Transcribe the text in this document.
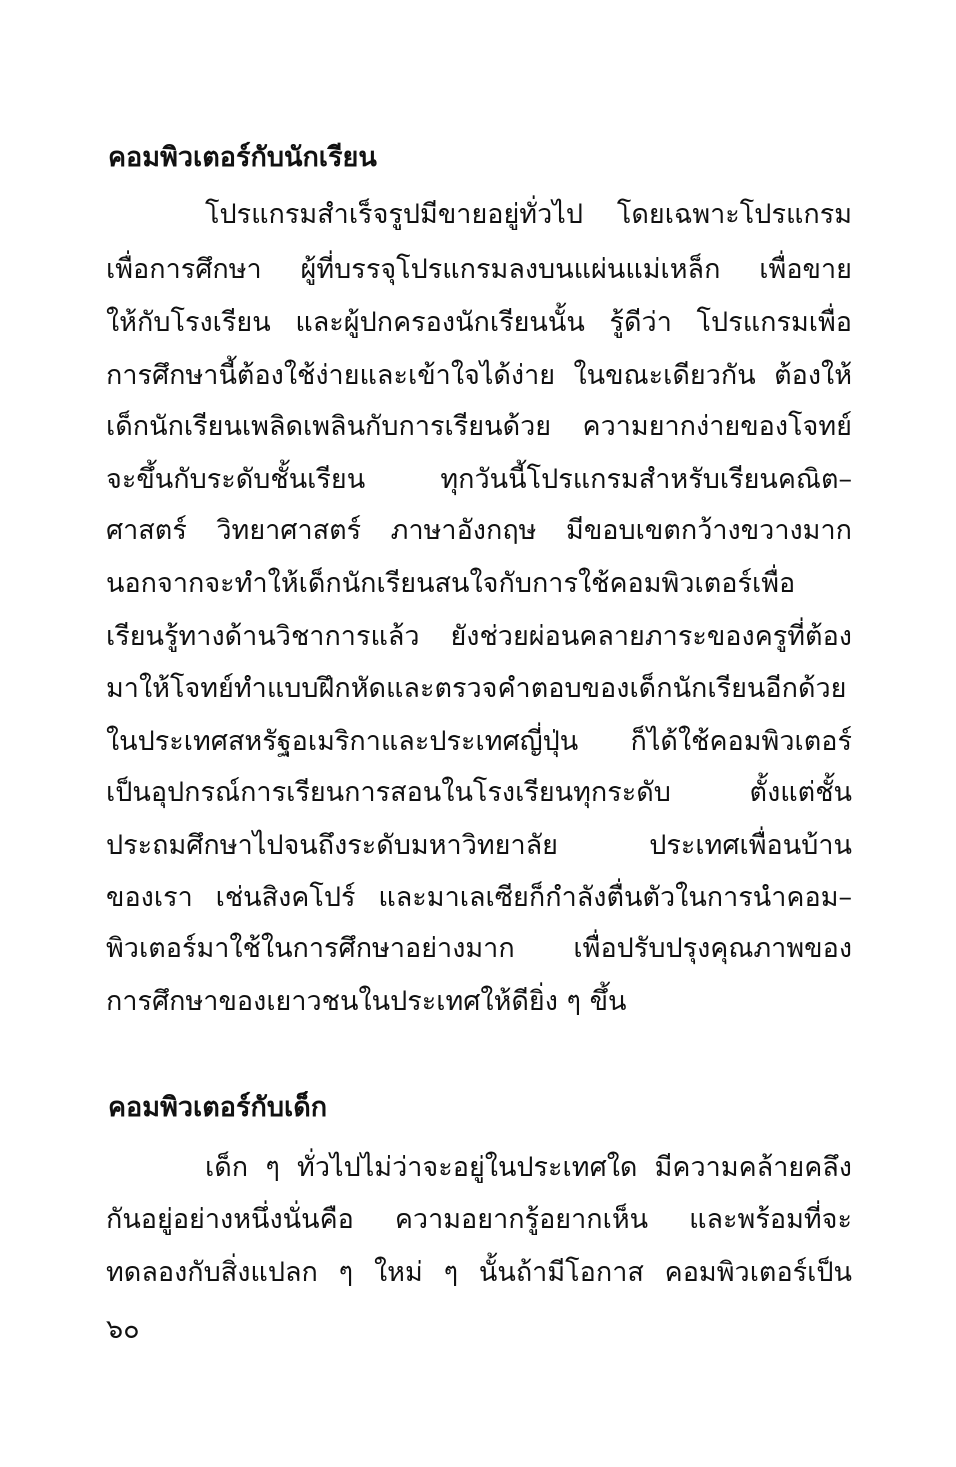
คอมพิวเตอร์กับนักเรียน
โปรแกรมสำเร็จรูปมีขายอยู่ทั่วไป โดยเฉพาะโปรแกรม
เพื่อการศึกษา ผู้ที่บรรจุโปรแกรมลงบนแผ่นแม่เหล็ก เพื่อขาย
ให้กับโรงเรียน และผู้ปกครองนักเรียนนั้น รู้ดีว่า โปรแกรมเพื่อ
การศึกษานี้ต้องใช้ง่ายและเข้าใจได้ง่าย ในขณะเดียวกัน ต้องให้
เด็กนักเรียนเพลิดเพลินกับการเรียนด้วย ความยากง่ายของโจทย์
จะขึ้นกับระดับชั้นเรียน ทุกวันนี้โปรแกรมสำหรับเรียนคณิต–
ศาสตร์ วิทยาศาสตร์ ภาษาอังกฤษ มีขอบเขตกว้างขวางมาก
นอกจากจะทำให้เด็กนักเรียนสนใจกับการใช้คอมพิวเตอร์เพื่อ
เรียนรู้ทางด้านวิชาการแล้ว ยังช่วยผ่อนคลายภาระของครูที่ต้อง
มาให้โจทย์ทำแบบฝึกหัดและตรวจคำตอบของเด็กนักเรียนอีกด้วย
ในประเทศสหรัฐอเมริกาและประเทศญี่ปุ่น ก็ได้ใช้คอมพิวเตอร์
เป็นอุปกรณ์การเรียนการสอนในโรงเรียนทุกระดับ ตั้งแต่ชั้น
ประถมศึกษาไปจนถึงระดับมหาวิทยาลัย ประเทศเพื่อนบ้าน
ของเรา เช่นสิงคโปร์ และมาเลเซียก็กำลังตื่นตัวในการนำคอม–
พิวเตอร์มาใช้ในการศึกษาอย่างมาก เพื่อปรับปรุงคุณภาพของ
การศึกษาของเยาวชนในประเทศให้ดียิ่ง ๆ ขึ้น
คอมพิวเตอร์กับเด็ก
เด็ก ๆ ทั่วไปไม่ว่าจะอยู่ในประเทศใด มีความคล้ายคลึง
กันอยู่อย่างหนึ่งนั่นคือ ความอยากรู้อยากเห็น และพร้อมที่จะ
ทดลองกับสิ่งแปลก ๆ ใหม่ ๆ นั้นถ้ามีโอกาส คอมพิวเตอร์เป็น
๖๐
